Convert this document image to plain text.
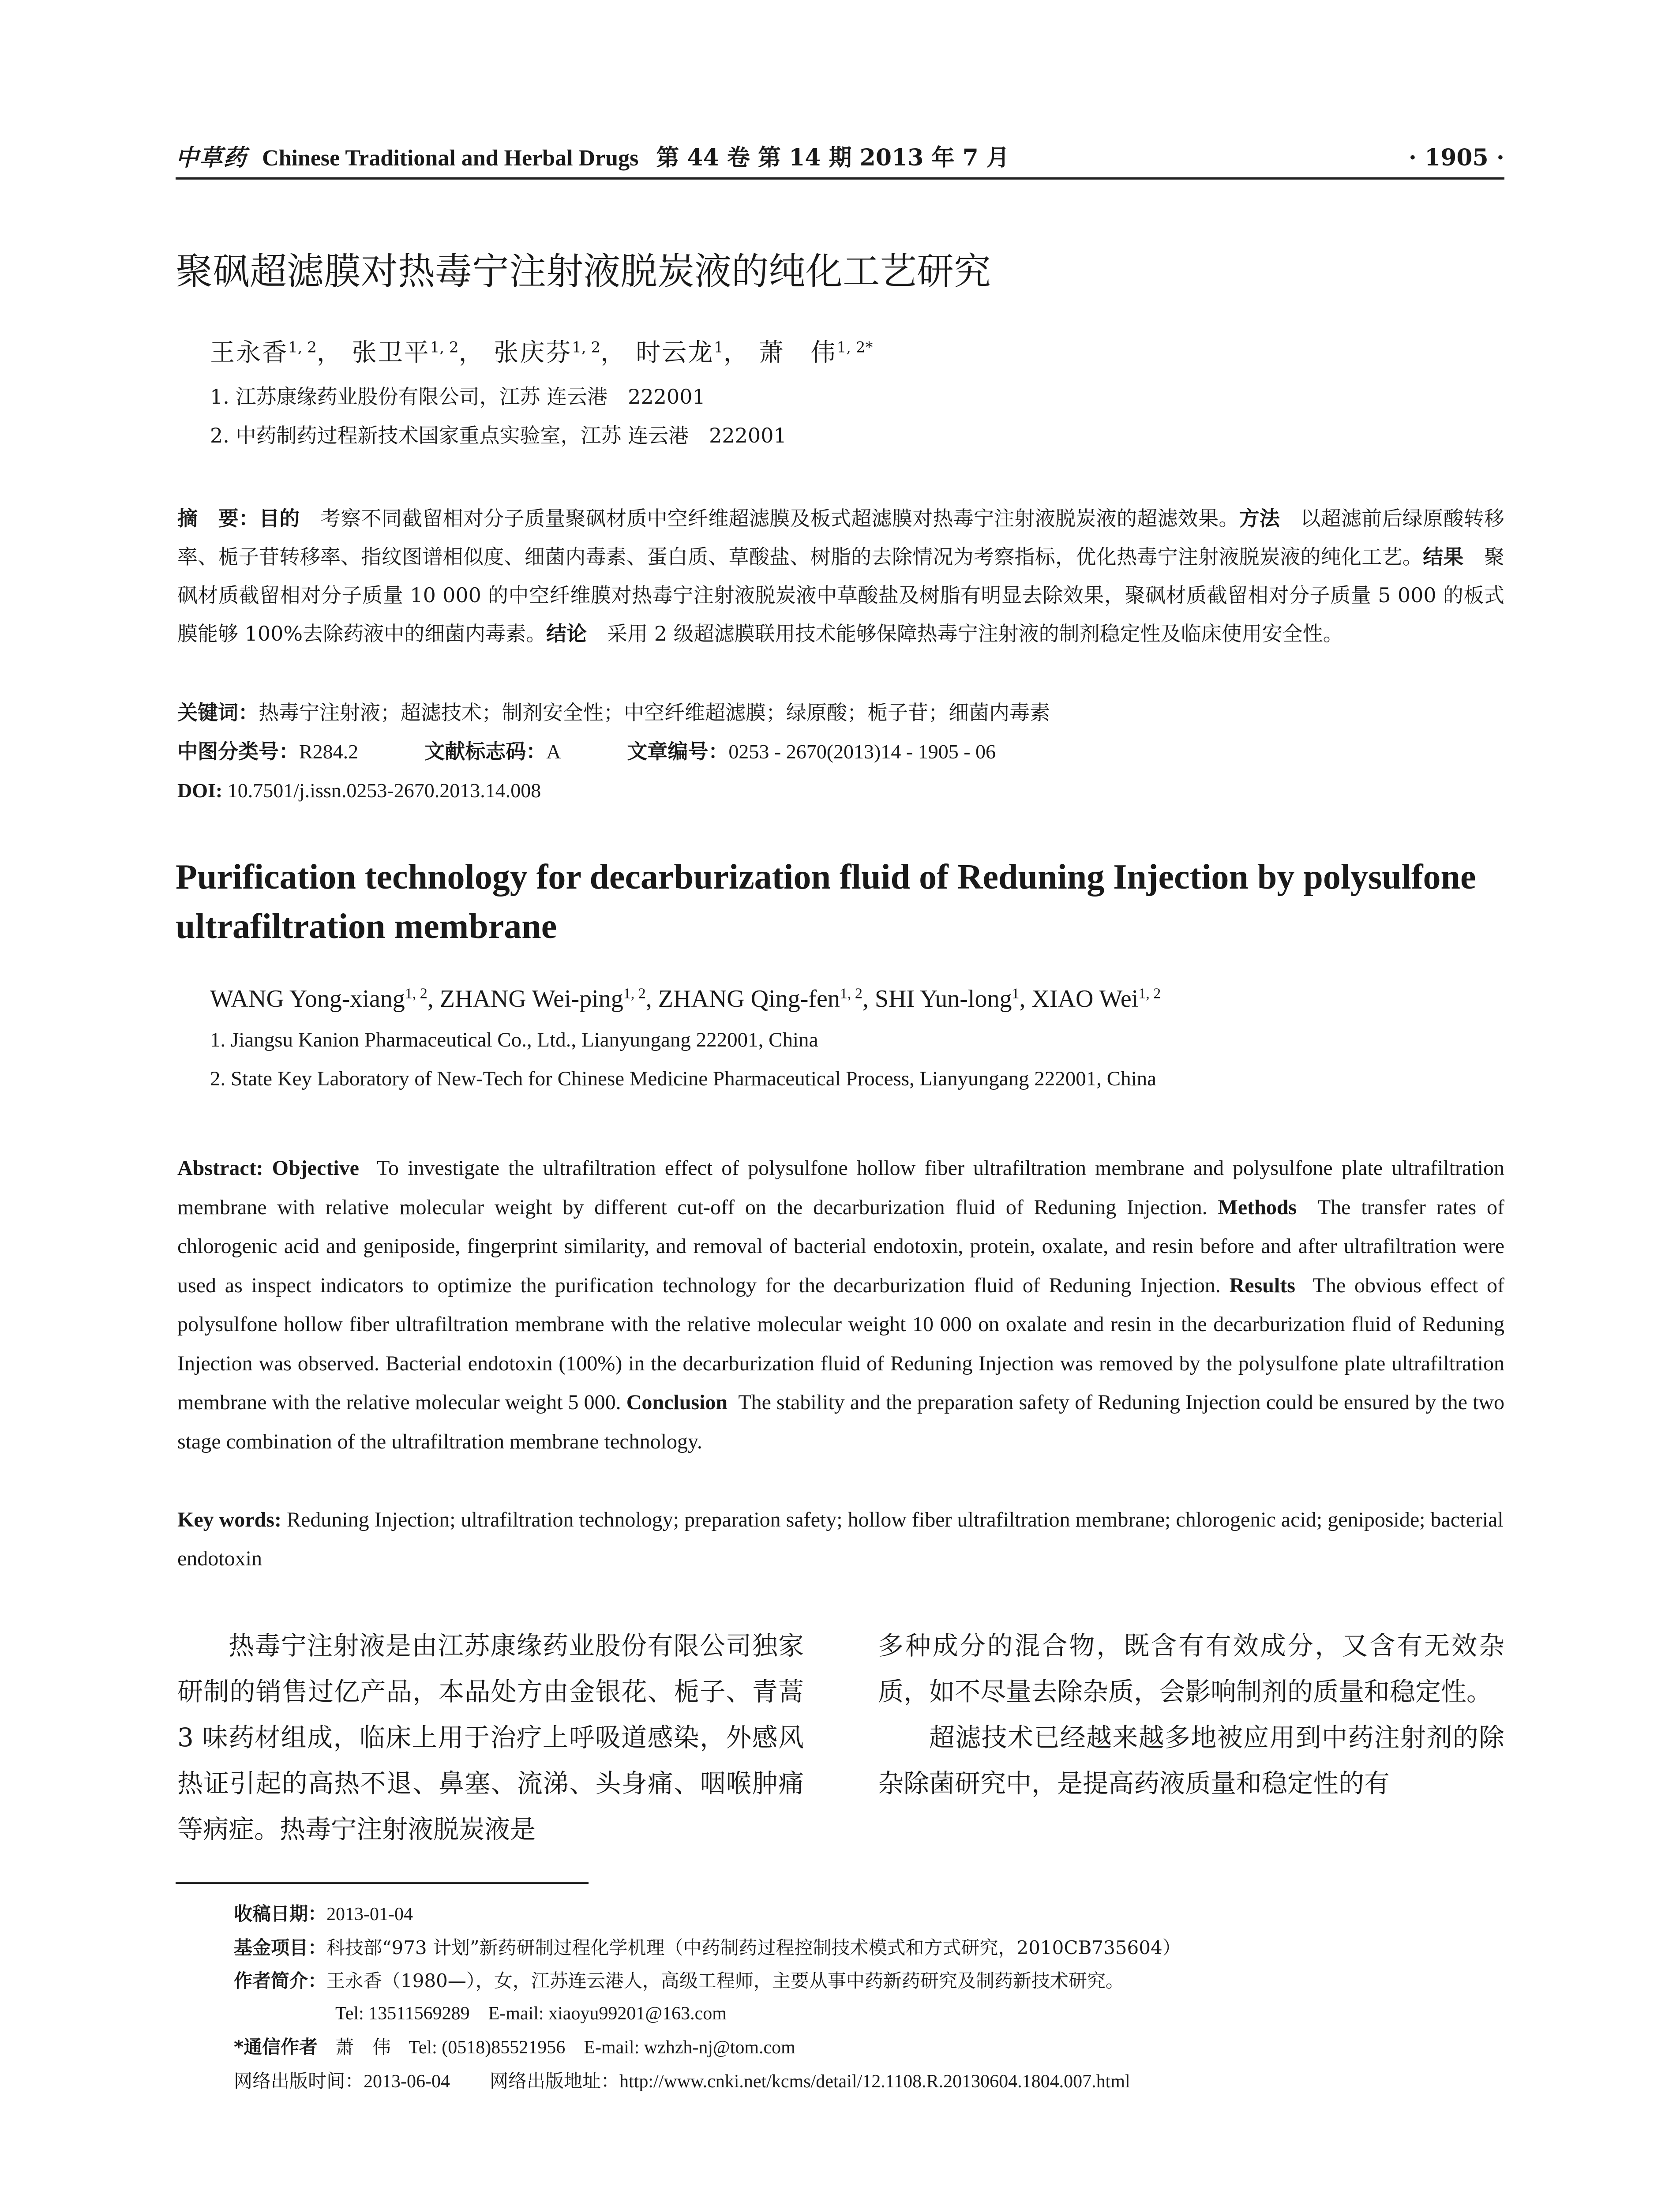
中草药 Chinese Traditional and Herbal Drugs 第 44 卷 第 14 期 2013 年 7 月	· 1905 ·
聚砜超滤膜对热毒宁注射液脱炭液的纯化工艺研究
王永香$^{1, 2}$， 张卫平$^{1, 2}$， 张庆芬$^{1, 2}$， 时云龙$^1$， 萧　伟$^{1, 2*}$
1. 江苏康缘药业股份有限公司，江苏 连云港　222001
2. 中药制药过程新技术国家重点实验室，江苏 连云港　222001
摘　要：目的　考察不同截留相对分子质量聚砜材质中空纤维超滤膜及板式超滤膜对热毒宁注射液脱炭液的超滤效果。方法　以超滤前后绿原酸转移率、栀子苷转移率、指纹图谱相似度、细菌内毒素、蛋白质、草酸盐、树脂的去除情况为考察指标，优化热毒宁注射液脱炭液的纯化工艺。结果　聚砜材质截留相对分子质量 10 000 的中空纤维膜对热毒宁注射液脱炭液中草酸盐及树脂有明显去除效果，聚砜材质截留相对分子质量 5 000 的板式膜能够 100%去除药液中的细菌内毒素。结论　采用 2 级超滤膜联用技术能够保障热毒宁注射液的制剂稳定性及临床使用安全性。
关键词：热毒宁注射液；超滤技术；制剂安全性；中空纤维超滤膜；绿原酸；栀子苷；细菌内毒素
中图分类号：R284.2	文献标志码：A	文章编号：0253 - 2670(2013)14 - 1905 - 06
DOI: 10.7501/j.issn.0253-2670.2013.14.008
Purification technology for decarburization fluid of Reduning Injection by polysulfone ultrafiltration membrane
WANG Yong-xiang$^{1, 2}$, ZHANG Wei-ping$^{1, 2}$, ZHANG Qing-fen$^{1, 2}$, SHI Yun-long$^1$, XIAO Wei$^{1, 2}$
1. Jiangsu Kanion Pharmaceutical Co., Ltd., Lianyungang 222001, China
2. State Key Laboratory of New-Tech for Chinese Medicine Pharmaceutical Process, Lianyungang 222001, China
Abstract: Objective To investigate the ultrafiltration effect of polysulfone hollow fiber ultrafiltration membrane and polysulfone plate ultrafiltration membrane with relative molecular weight by different cut-off on the decarburization fluid of Reduning Injection. Methods The transfer rates of chlorogenic acid and geniposide, fingerprint similarity, and removal of bacterial endotoxin, protein, oxalate, and resin before and after ultrafiltration were used as inspect indicators to optimize the purification technology for the decarburization fluid of Reduning Injection. Results The obvious effect of polysulfone hollow fiber ultrafiltration membrane with the relative molecular weight 10 000 on oxalate and resin in the decarburization fluid of Reduning Injection was observed. Bacterial endotoxin (100%) in the decarburization fluid of Reduning Injection was removed by the polysulfone plate ultrafiltration membrane with the relative molecular weight 5 000. Conclusion The stability and the preparation safety of Reduning Injection could be ensured by the two stage combination of the ultrafiltration membrane technology.
Key words: Reduning Injection; ultrafiltration technology; preparation safety; hollow fiber ultrafiltration membrane; chlorogenic acid; geniposide; bacterial endotoxin

热毒宁注射液是由江苏康缘药业股份有限公司独家研制的销售过亿产品，本品处方由金银花、栀子、青蒿 3 味药材组成，临床上用于治疗上呼吸道感染，外感风热证引起的高热不退、鼻塞、流涕、头身痛、咽喉肿痛等病症。热毒宁注射液脱炭液是

多种成分的混合物，既含有有效成分，又含有无效杂质，如不尽量去除杂质，会影响制剂的质量和稳定性。

超滤技术已经越来越多地被应用到中药注射剂的除杂除菌研究中，是提高药液质量和稳定性的有

收稿日期：2013-01-04
基金项目：科技部“973 计划”新药研制过程化学机理（中药制药过程控制技术模式和方式研究，2010CB735604）
作者简介：王永香（1980—），女，江苏连云港人，高级工程师，主要从事中药新药研究及制药新技术研究。
Tel: 13511569289　E-mail: xiaoyu99201@163.com
*通信作者 萧　伟 Tel: (0518)85521956　E-mail: wzhzh-nj@tom.com
网络出版时间：2013-06-04 网络出版地址：http://www.cnki.net/kcms/detail/12.1108.R.20130604.1804.007.html
